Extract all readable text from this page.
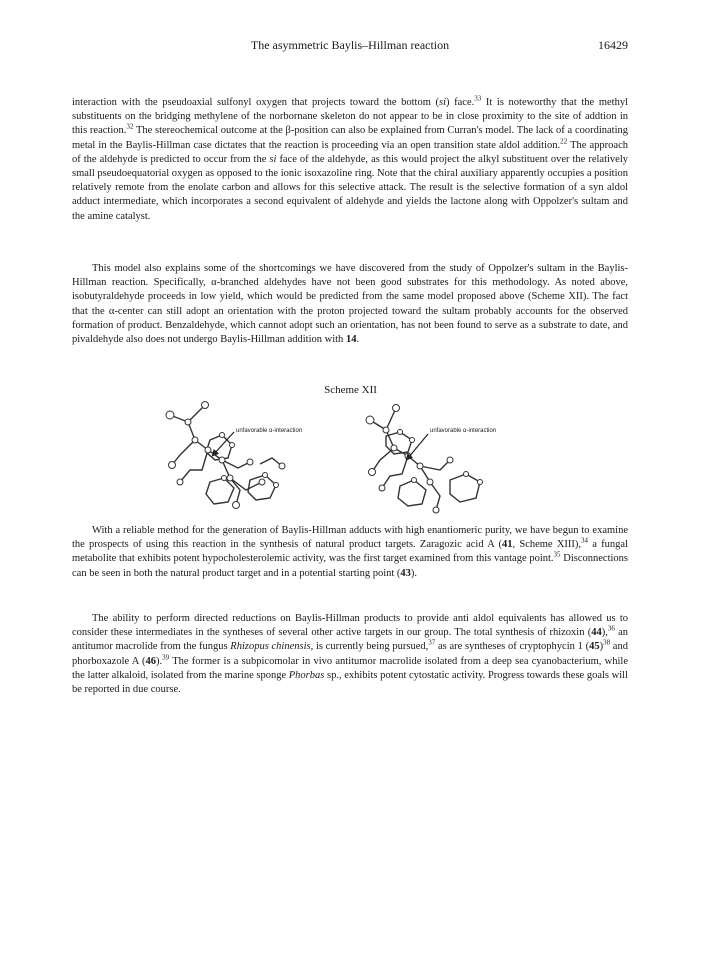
The asymmetric Baylis–Hillman reaction	16429

interaction with the pseudoaxial sulfonyl oxygen that projects toward the bottom (si) face.$^{33}$ It is noteworthy that the methyl substituents on the bridging methylene of the norbornane skeleton do not appear to be in close proximity to the site of addtion in this reaction.$^{32}$ The stereochemical outcome at the β-position can also be explained from Curran's model. The lack of a coordinating metal in the Baylis-Hillman case dictates that the reaction is proceeding via an open transition state aldol addition.$^{22}$ The approach of the aldehyde is predicted to occur from the si face of the aldehyde, as this would project the alkyl substituent over the relatively small pseudoequatorial oxygen as opposed to the ionic isoxazoline ring. Note that the chiral auxiliary apparently occupies a position relatively remote from the enolate carbon and allows for this selective attack. The result is the selective formation of a syn aldol adduct intermediate, which incorporates a second equivalent of aldehyde and yields the lactone along with Oppolzer's sultam and the amine catalyst.

This model also explains some of the shortcomings we have discovered from the study of Oppolzer's sultam in the Baylis-Hillman reaction. Specifically, α-branched aldehydes have not been good substrates for this methodology. As noted above, isobutyraldehyde proceeds in low yield, which would be predicted from the same model proposed above (Scheme XII). The fact that the α-center can still adopt an orientation with the proton projected toward the sultam probably accounts for the observed formation of product. Benzaldehyde, which cannot adopt such an orientation, has not been found to serve as a substrate to date, and pivaldehyde also does not undergo Baylis-Hillman addition with 14.

Scheme XII
unfavorable α-interaction	unfavorable α-interaction

With a reliable method for the generation of Baylis-Hillman adducts with high enantiomeric purity, we have begun to examine the prospects of using this reaction in the synthesis of natural product targets. Zaragozic acid A (41, Scheme XIII),$^{34}$ a fungal metabolite that exhibits potent hypocholesterolemic activity, was the first target examined from this vantage point.$^{35}$ Disconnections can be seen in both the natural product target and in a potential starting point (43).

The ability to perform directed reductions on Baylis-Hillman products to provide anti aldol equivalents has allowed us to consider these intermediates in the syntheses of several other active targets in our group. The total synthesis of rhizoxin (44),$^{36}$ an antitumor macrolide from the fungus Rhizopus chinensis, is currently being pursued,$^{37}$ as are syntheses of cryptophycin 1 $(45)^{38}$ and phorboxazole A (46).$^{39}$ The former is a subpicomolar in vivo antitumor macrolide isolated from a deep sea cyanobacterium, while the latter alkaloid, isolated from the marine sponge Phorbas sp., exhibits potent cytostatic activity. Progress towards these goals will be reported in due course.
